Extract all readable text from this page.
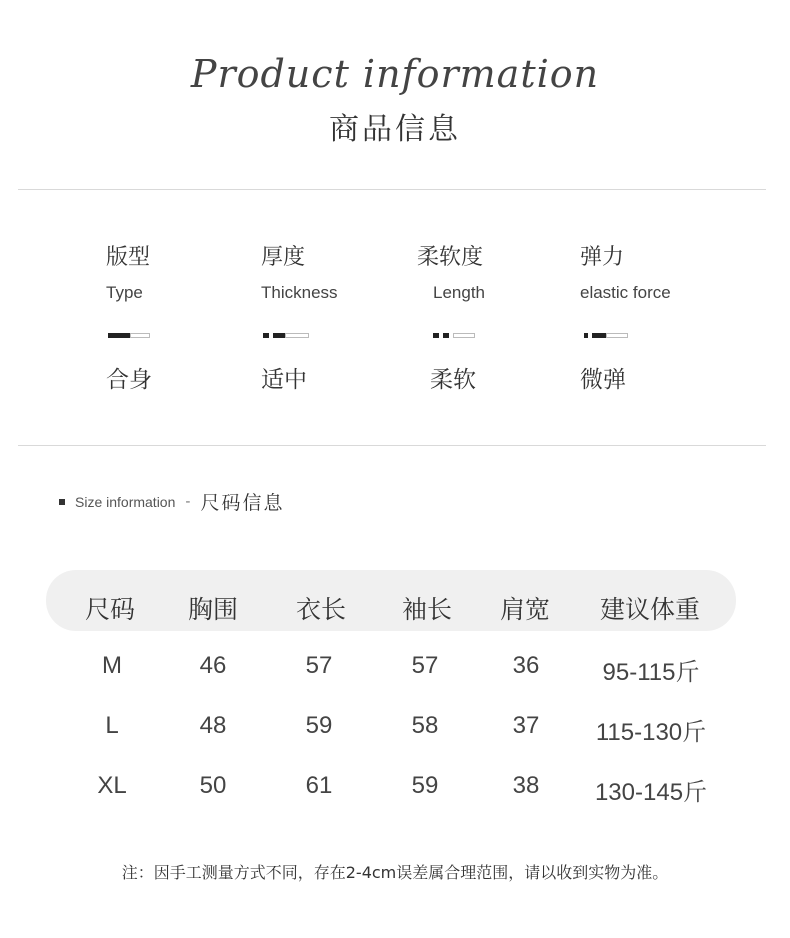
Product information
商品信息
版型
Type
合身
厚度
Thickness
适中
柔软度
Length
柔软
弹力
elastic force
微弹
Size information - 尺码信息
尺码 胸围 衣长 袖长 肩宽 建议体重
M	46	57	57	36	95-115斤
L	48	59	58	37 115-130斤
XL	50	61	59	38 130-145斤
注：因手工测量方式不同，存在2-4cm误差属合理范围，请以收到实物为准。
